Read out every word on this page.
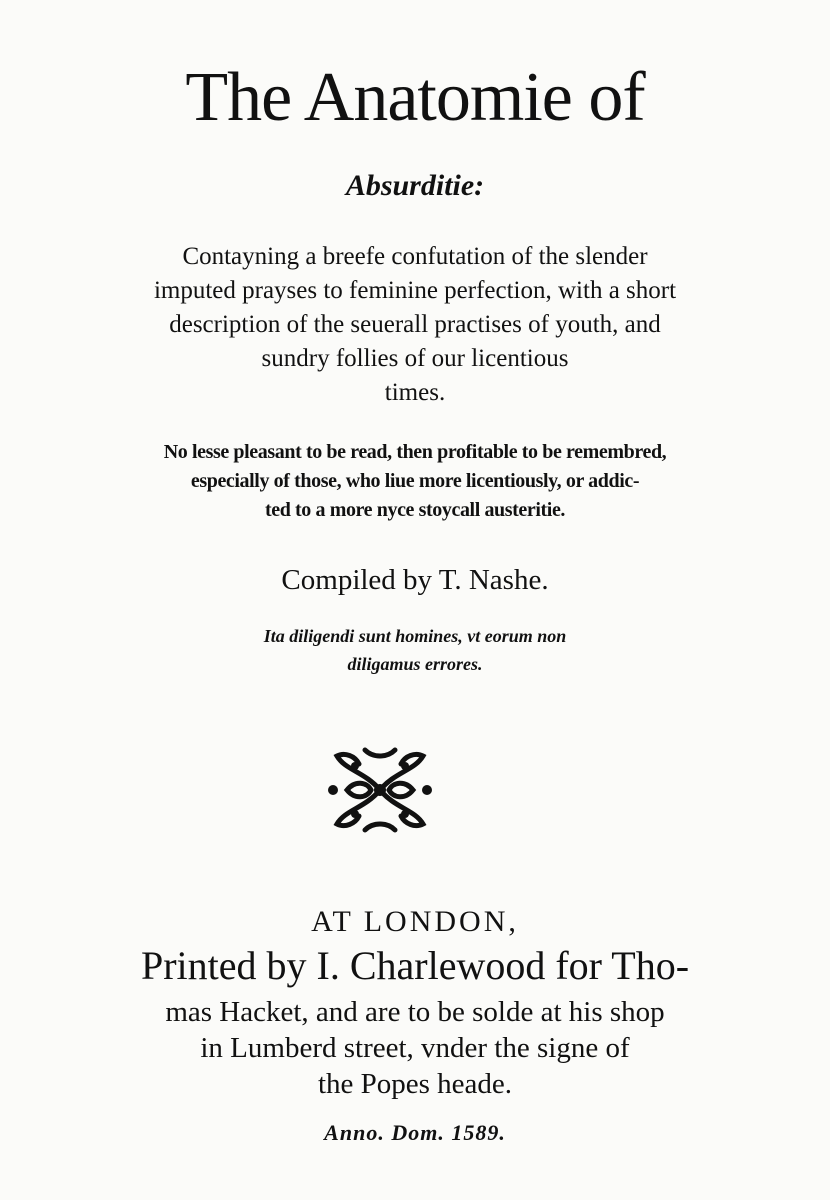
The Anatomie of
Absurditie:
Contayning a breefe confutation of the slender
imputed prayses to feminine perfection, with a short
description of the seuerall practises of youth, and
sundry follies of our licentious
times.
No lesse pleasant to be read, then profitable to be remembred,
especially of those, who liue more licentiously, or addic-
ted to a more nyce stoycall austeritie.
Compiled by T. Nashe.
Ita diligendi sunt homines, vt eorum non
diligamus errores.
AT LONDON,
Printed by I. Charlewood for Tho-
mas Hacket, and are to be solde at his shop
in Lumberd street, vnder the signe of
the Popes heade.
Anno. Dom. 1589.
